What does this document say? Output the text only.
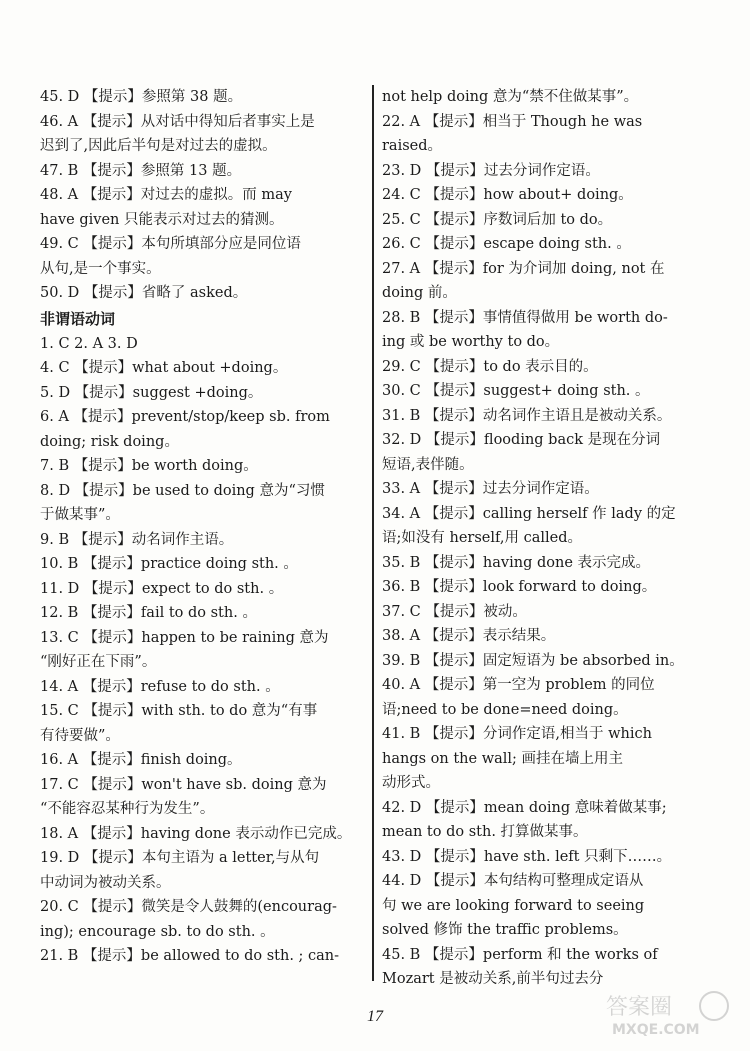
45. D 【提示】参照第 38 题。
46. A 【提示】从对话中得知后者事实上是
迟到了,因此后半句是对过去的虚拟。
47. B 【提示】参照第 13 题。
48. A 【提示】对过去的虚拟。而 may
have given 只能表示对过去的猜测。
49. C 【提示】本句所填部分应是同位语
从句,是一个事实。
50. D 【提示】省略了 asked。
非谓语动词
1. C 2. A 3. D
4. C 【提示】what about +doing。
5. D 【提示】suggest +doing。
6. A 【提示】prevent/stop/keep sb. from
doing; risk doing。
7. B 【提示】be worth doing。
8. D 【提示】be used to doing 意为“习惯
于做某事”。
9. B 【提示】动名词作主语。
10. B 【提示】practice doing sth. 。
11. D 【提示】expect to do sth. 。
12. B 【提示】fail to do sth. 。
13. C 【提示】happen to be raining 意为
“刚好正在下雨”。
14. A 【提示】refuse to do sth. 。
15. C 【提示】with sth. to do 意为“有事
有待要做”。
16. A 【提示】finish doing。
17. C 【提示】won't have sb. doing 意为
“不能容忍某种行为发生”。
18. A 【提示】having done 表示动作已完成。
19. D 【提示】本句主语为 a letter,与从句
中动词为被动关系。
20. C 【提示】微笑是令人鼓舞的(encourag-
ing); encourage sb. to do sth. 。
21. B 【提示】be allowed to do sth. ; can-
not help doing 意为“禁不住做某事”。
22. A 【提示】相当于 Though he was
raised。
23. D 【提示】过去分词作定语。
24. C 【提示】how about+ doing。
25. C 【提示】序数词后加 to do。
26. C 【提示】escape doing sth. 。
27. A 【提示】for 为介词加 doing, not 在
doing 前。
28. B 【提示】事情值得做用 be worth do-
ing 或 be worthy to do。
29. C 【提示】to do 表示目的。
30. C 【提示】suggest+ doing sth. 。
31. B 【提示】动名词作主语且是被动关系。
32. D 【提示】flooding back 是现在分词
短语,表伴随。
33. A 【提示】过去分词作定语。
34. A 【提示】calling herself 作 lady 的定
语;如没有 herself,用 called。
35. B 【提示】having done 表示完成。
36. B 【提示】look forward to doing。
37. C 【提示】被动。
38. A 【提示】表示结果。
39. B 【提示】固定短语为 be absorbed in。
40. A 【提示】第一空为 problem 的同位
语;need to be done=need doing。
41. B 【提示】分词作定语,相当于 which
hangs on the wall; 画挂在墙上用主
动形式。
42. D 【提示】mean doing 意味着做某事;
mean to do sth. 打算做某事。
43. D 【提示】have sth. left 只剩下……。
44. D 【提示】本句结构可整理成定语从
句 we are looking forward to seeing
solved 修饰 the traffic problems。
45. B 【提示】perform 和 the works of
Mozart 是被动关系,前半句过去分
17	答案圈
MXQE.COM
